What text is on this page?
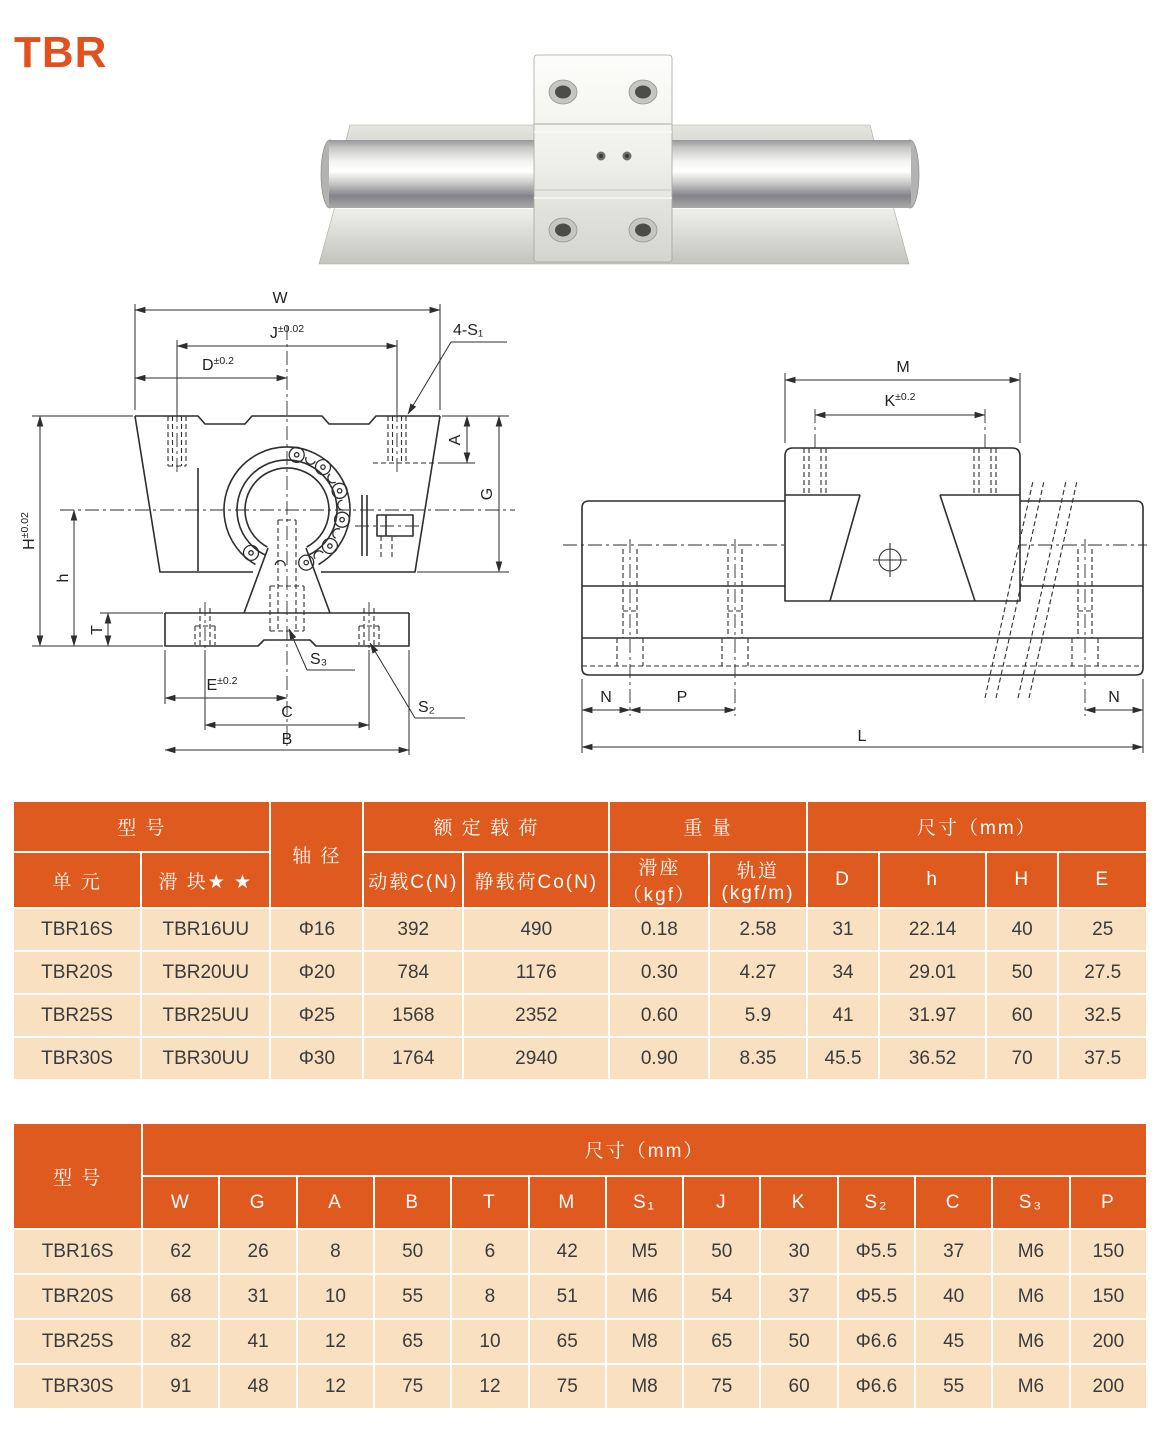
TBR
W
$J^{\pm 0.02}$
$D^{\pm 0.2}$
4-S₁
A
G
$H^{\pm 0.02}$
h
T
$E^{\pm 0.2}$
S₃
S₂
C
B
M
$K^{\pm 0.2}$
N	P	N
L
型 号		轴 径	额 定 载 荷		重 量		尺寸（mm）			
单 元	滑 块★ ★		动载C(N)	静载荷Co(N)	滑座（kgf）	轨道(kgf/m)	D	h	H	E
TBR16S	TBR16UU	Φ16	392	490	0.18	2.58	31	22.14	40	25
TBR20S	TBR20UU	Φ20	784	1176	0.30	4.27	34	29.01	50	27.5
TBR25S	TBR25UU	Φ25	1568	2352	0.60	5.9	41	31.97	60	32.5
TBR30S	TBR30UU	Φ30	1764	2940	0.90	8.35	45.5	36.52	70	37.5
型 号	尺寸（mm）												
	W	G	A	B	T	M	S₁	J	K	S₂	C	S₃	P
TBR16S	62	26	8	50	6	42	M5	50	30	Φ5.5	37	M6	150
TBR20S	68	31	10	55	8	51	M6	54	37	Φ5.5	40	M6	150
TBR25S	82	41	12	65	10	65	M8	65	50	Φ6.6	45	M6	200
TBR30S	91	48	12	75	12	75	M8	75	60	Φ6.6	55	M6	200
